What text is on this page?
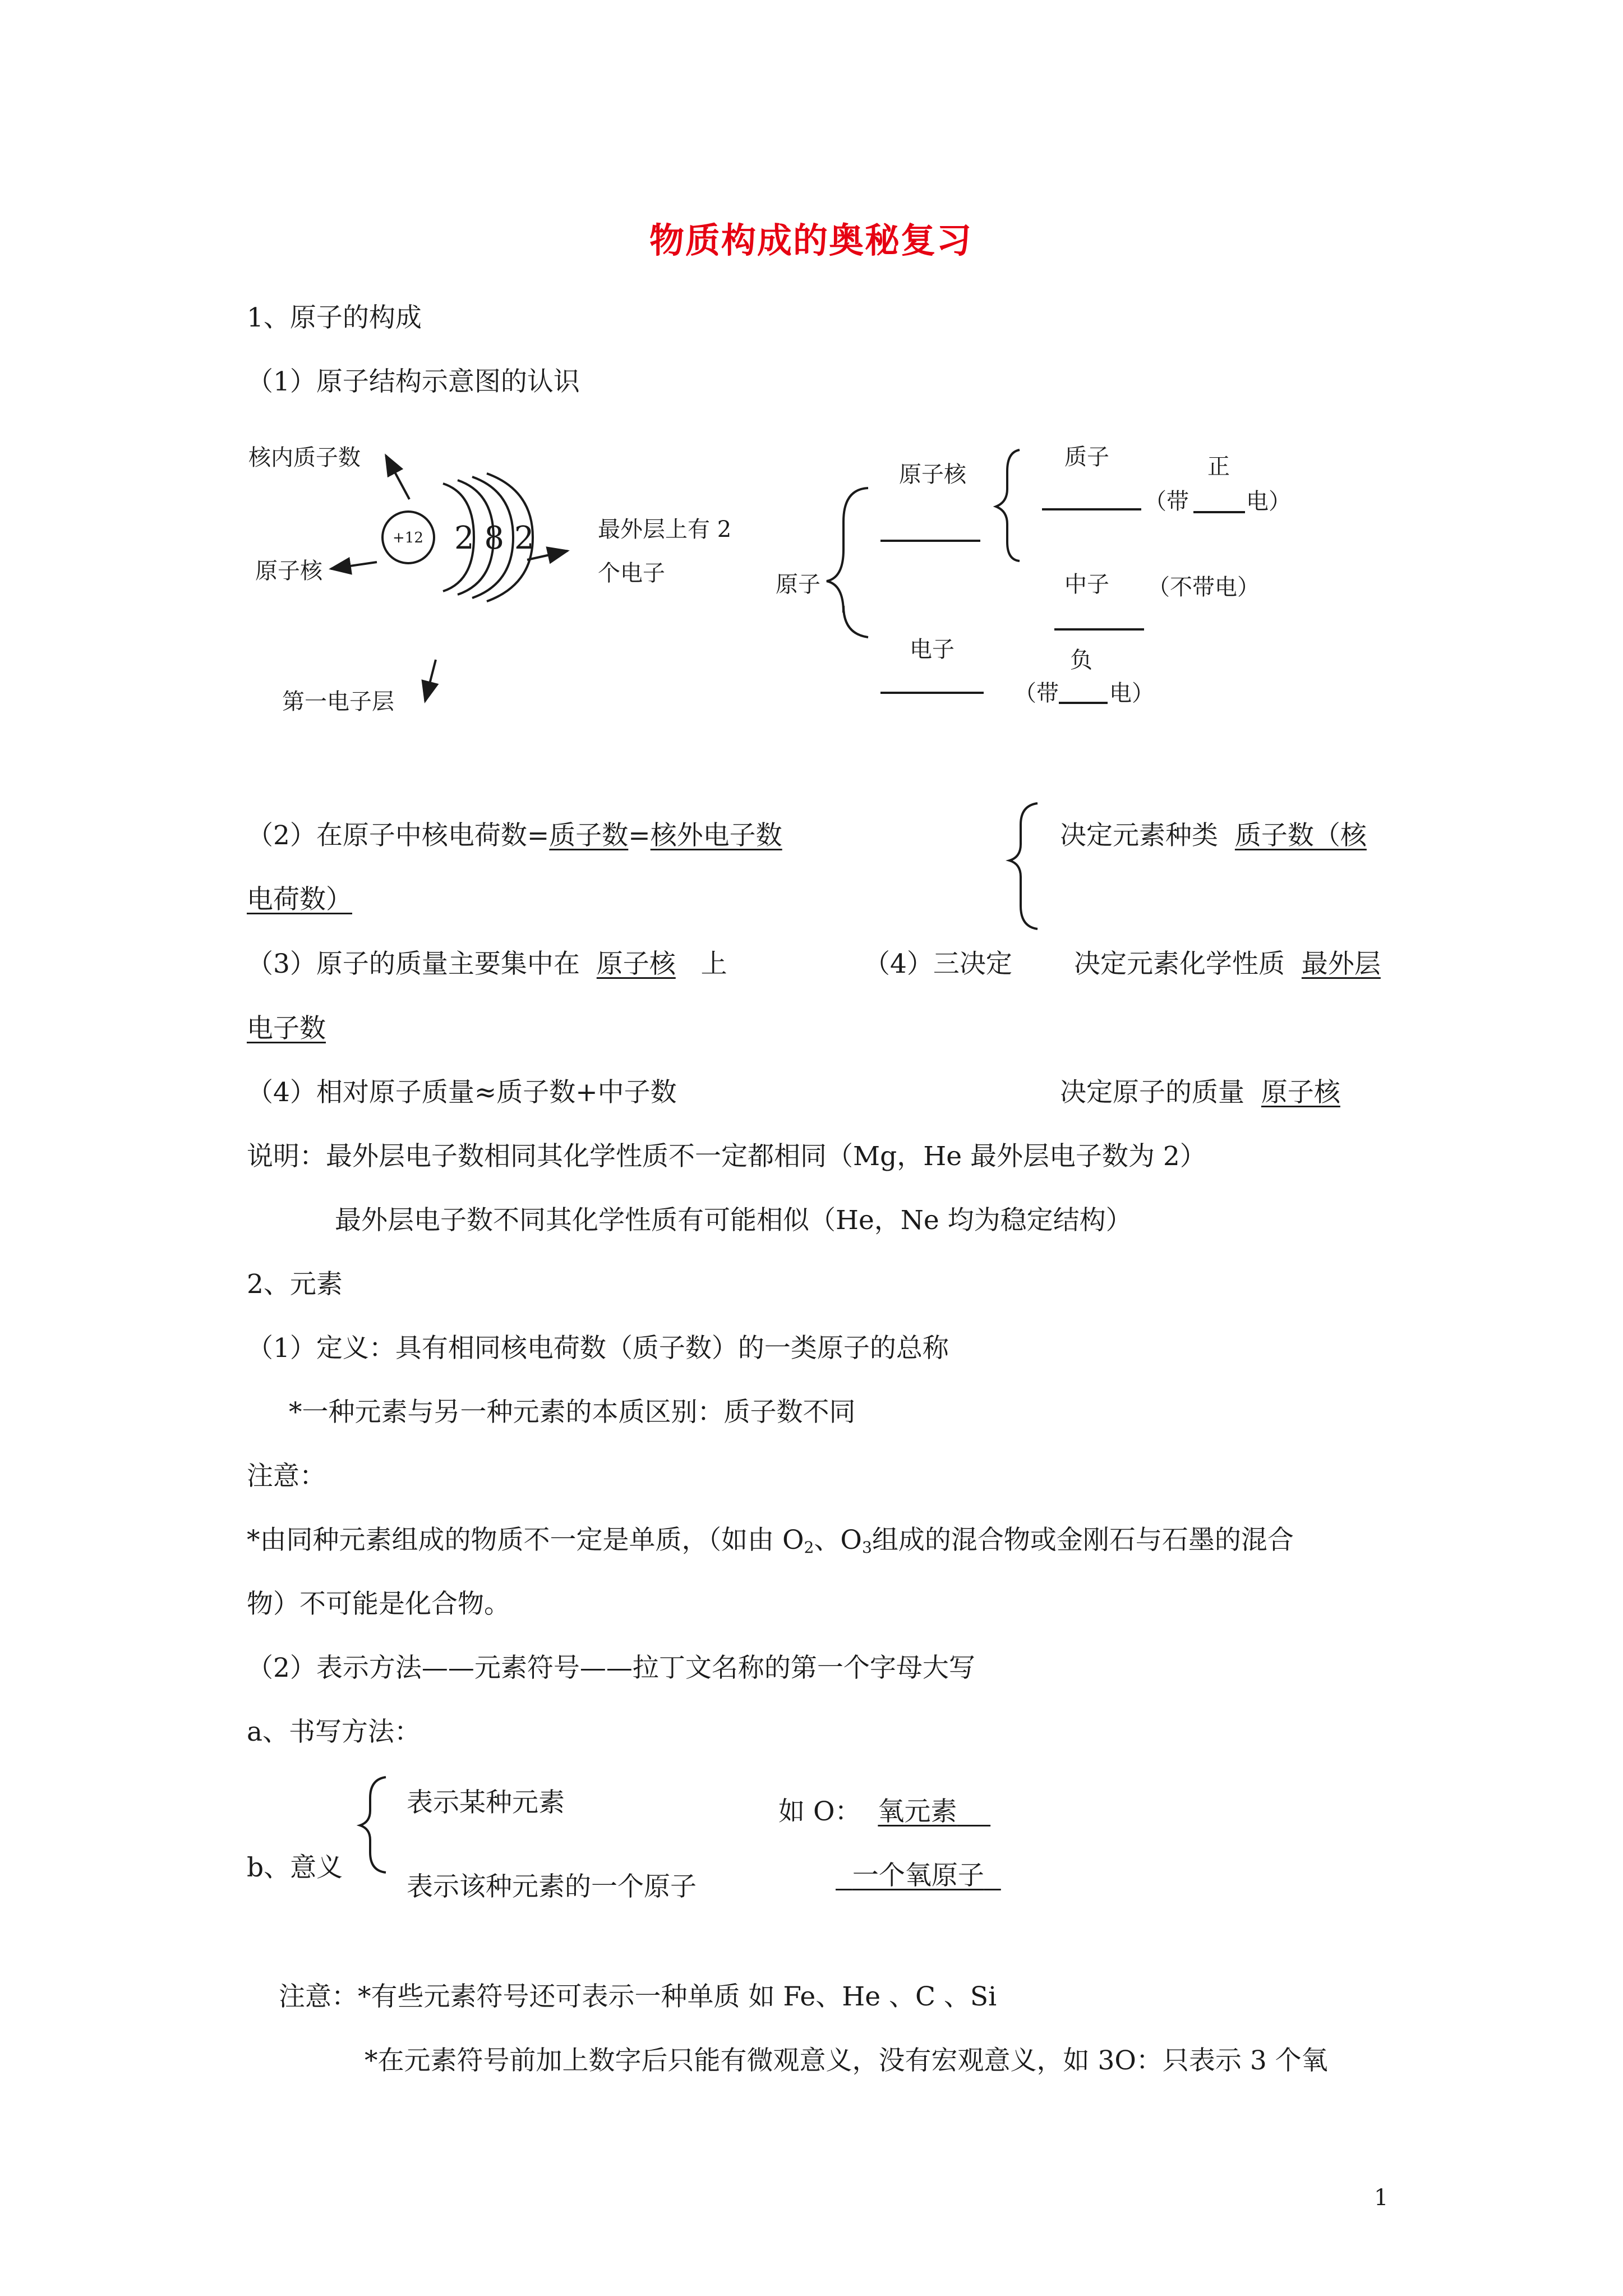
物质构成的奥秘复习
1、原子的构成
（1）原子结构示意图的认识
核内质子数
原子核
第一电子层
+12 2 8 2	最外层上有 2
个电子	原子
原子核
电子
质子	正
（带	电）
中子 （不带电）
负
（带 电）
（2）在原子中核电荷数=质子数=核外电子数	决定元素种类 质子数（核
电荷数）
（3）原子的质量主要集中在 原子核 上	（4）三决定 决定元素化学性质 最外层
电子数
（4）相对原子质量≈质子数+中子数	决定原子的质量 原子核
说明：最外层电子数相同其化学性质不一定都相同（Mg，He 最外层电子数为 2）
最外层电子数不同其化学性质有可能相似（He，Ne 均为稳定结构）
2、元素
（1）定义：具有相同核电荷数（质子数）的一类原子的总称
*一种元素与另一种元素的本质区别：质子数不同
注意：
*由同种元素组成的物质不一定是单质，（如由 $O_2$、$O_3$组成的混合物或金刚石与石墨的混合
物）不可能是化合物。
（2）表示方法——元素符号——拉丁文名称的第一个字母大写
a、书写方法：
b、意义
表示某种元素
表示该种元素的一个原子
如 O： 氧元素
一个氧原子
注意：*有些元素符号还可表示一种单质 如 Fe、He 、C 、Si
*在元素符号前加上数字后只能有微观意义，没有宏观意义，如 3O：只表示 3 个氧
1
